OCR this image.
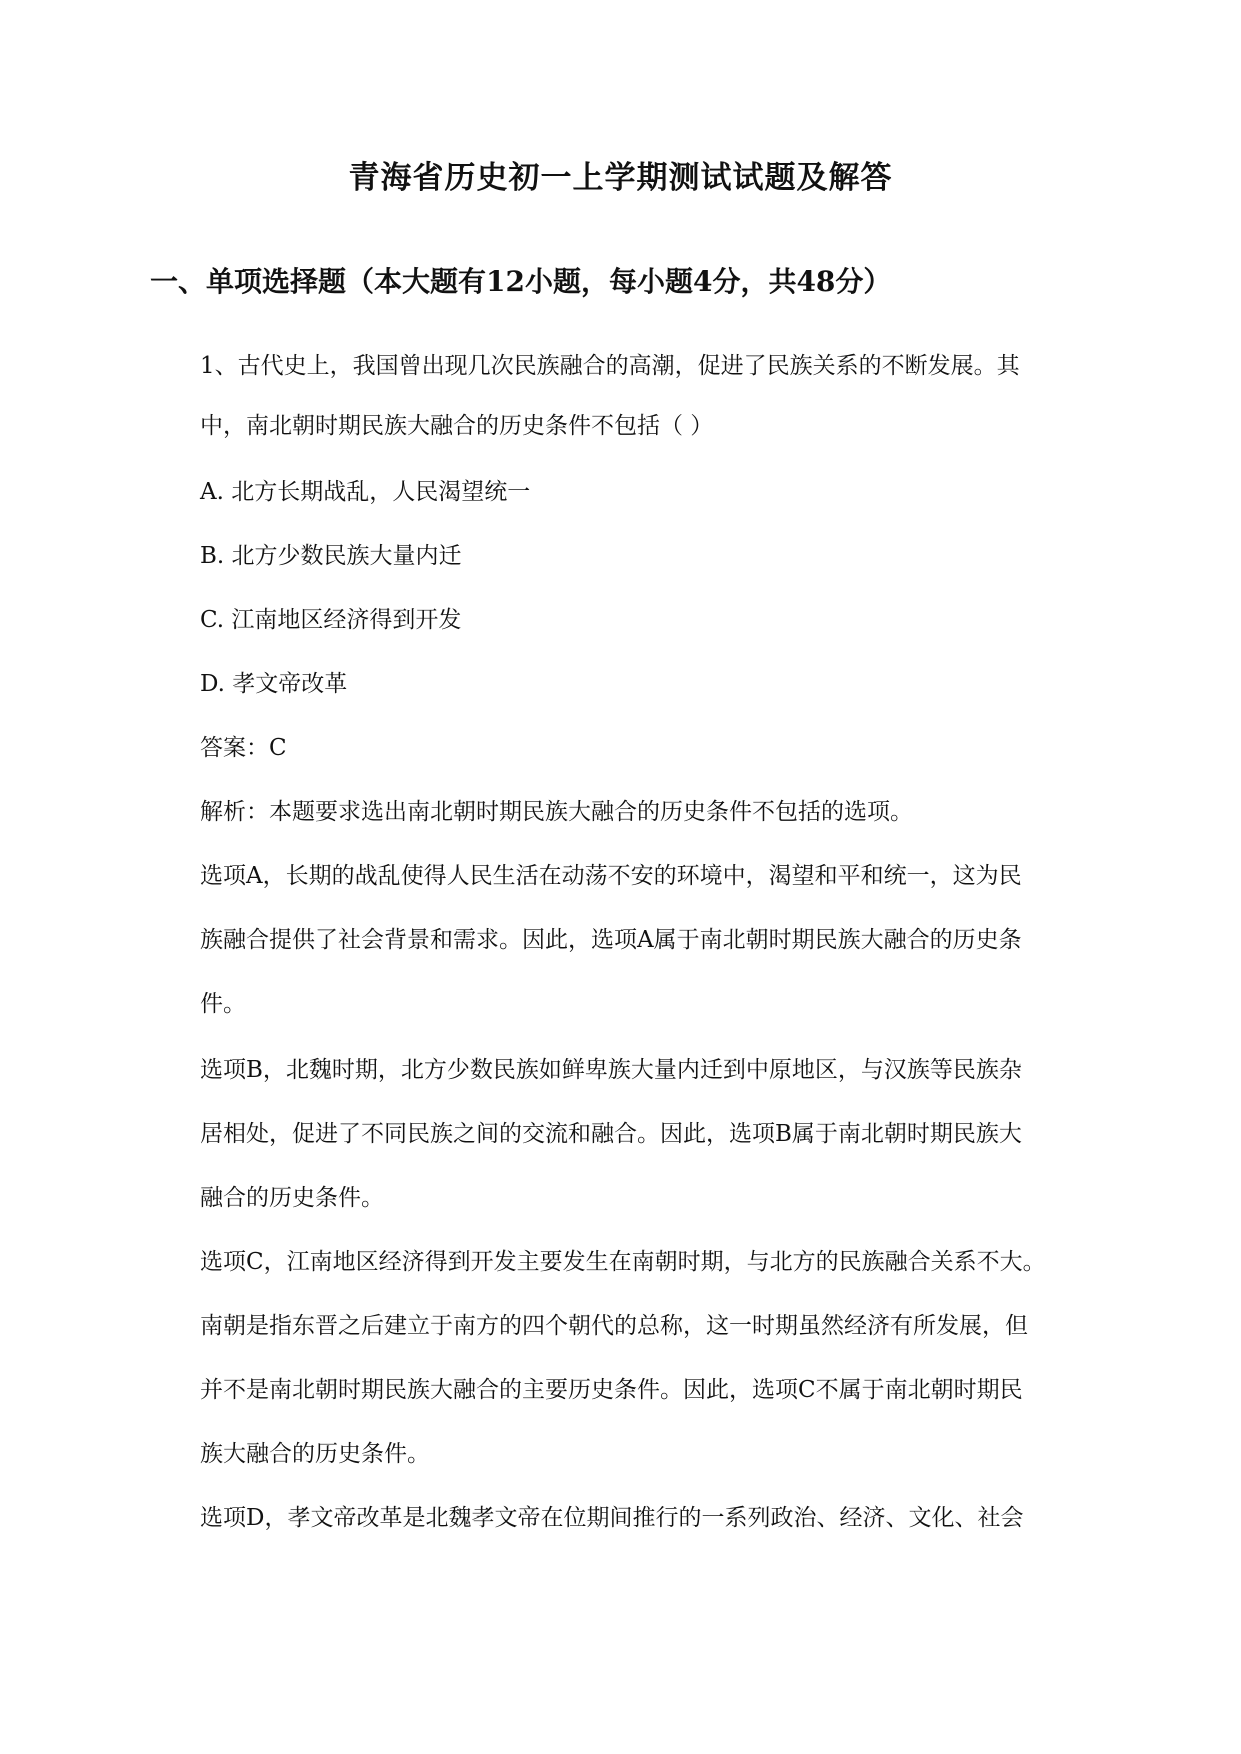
青海省历史初一上学期测试试题及解答
一、单项选择题（本大题有12小题，每小题4分，共48分）
1、古代史上，我国曾出现几次民族融合的高潮，促进了民族关系的不断发展。其
中，南北朝时期民族大融合的历史条件不包括（ ）
A. 北方长期战乱，人民渴望统一
B. 北方少数民族大量内迁
C. 江南地区经济得到开发
D. 孝文帝改革
答案：C
解析：本题要求选出南北朝时期民族大融合的历史条件不包括的选项。
选项A，长期的战乱使得人民生活在动荡不安的环境中，渴望和平和统一，这为民
族融合提供了社会背景和需求。因此，选项A属于南北朝时期民族大融合的历史条
件。
选项B，北魏时期，北方少数民族如鲜卑族大量内迁到中原地区，与汉族等民族杂
居相处，促进了不同民族之间的交流和融合。因此，选项B属于南北朝时期民族大
融合的历史条件。
选项C，江南地区经济得到开发主要发生在南朝时期，与北方的民族融合关系不大。
南朝是指东晋之后建立于南方的四个朝代的总称，这一时期虽然经济有所发展，但
并不是南北朝时期民族大融合的主要历史条件。因此，选项C不属于南北朝时期民
族大融合的历史条件。
选项D，孝文帝改革是北魏孝文帝在位期间推行的一系列政治、经济、文化、社会
